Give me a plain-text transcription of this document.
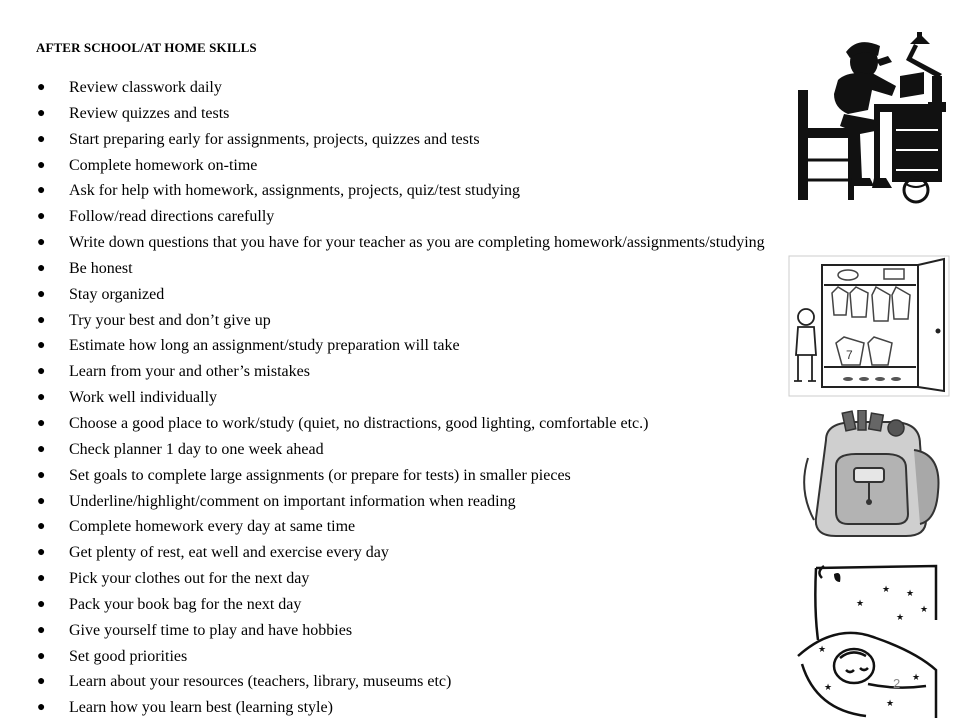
AFTER SCHOOL/AT HOME SKILLS
●	Review classwork daily
●	Review quizzes and tests
●	Start preparing early for assignments, projects, quizzes and tests
●	Complete homework on-time
●	Ask for help with homework, assignments, projects, quiz/test studying
●	Follow/read directions carefully
●	Write down questions that you have for your teacher as you are completing homework/assignments/studying
●	Be honest
●	Stay organized
●	Try your best and don’t give up
●	Estimate how long an assignment/study preparation will take
●	Learn from your and other’s mistakes
●	Work well individually
●	Choose a good place to work/study (quiet, no distractions, good lighting, comfortable etc.)
●	Check planner 1 day to one week ahead
●	Set goals to complete large assignments (or prepare for tests) in smaller pieces
●	Underline/highlight/comment on important information when reading
●	Complete homework every day at same time
●	Get plenty of rest, eat well and exercise every day
●	Pick your clothes out for the next day
●	Pack your book bag for the next day
●	Give yourself time to play and have hobbies
●	Set good priorities
●	Learn about your resources (teachers, library, museums etc)
●	Learn how you learn best (learning style)
7
★ ★
★
★
★
★
★
★
★
2
